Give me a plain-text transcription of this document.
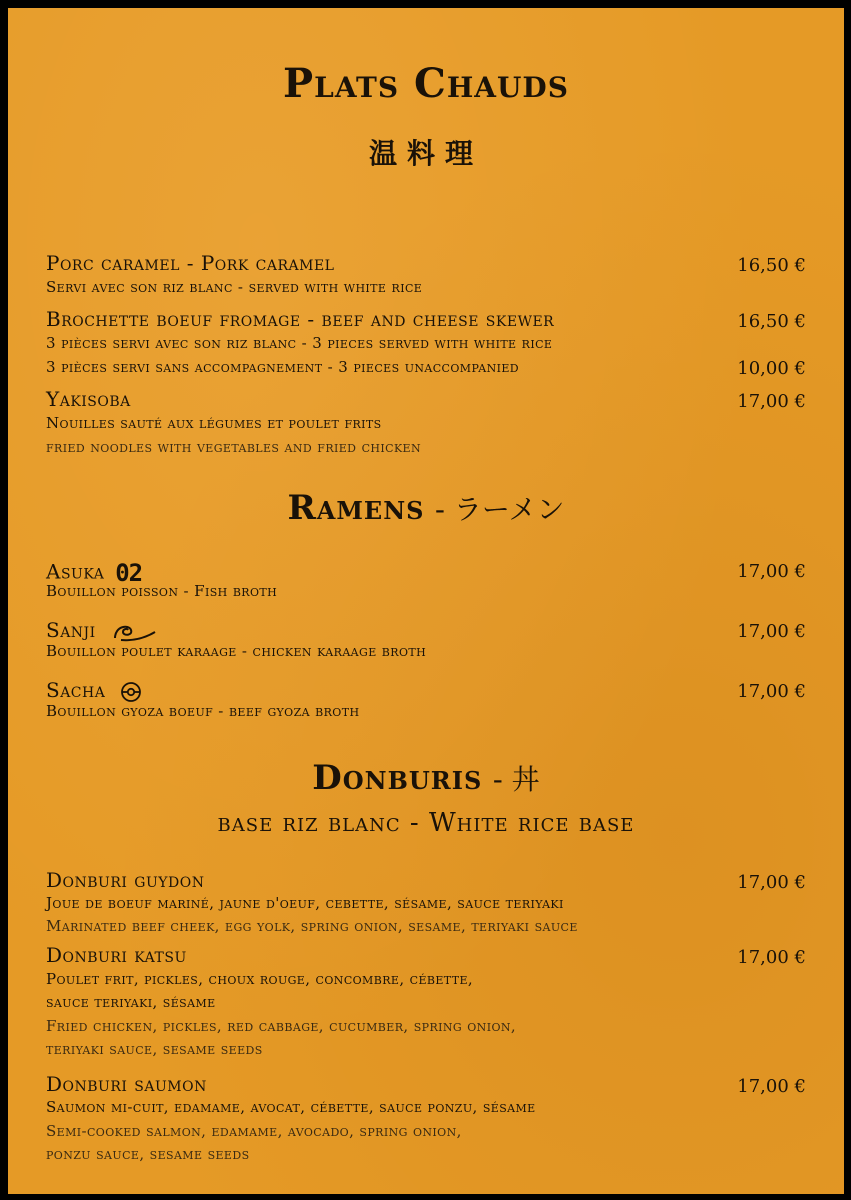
Plats Chauds
温料理
Porc caramel - Pork caramel	16,50 €
Servi avec son riz blanc - served with white rice
Brochette boeuf fromage - beef and cheese skewer	16,50 €
3 pièces servi avec son riz blanc - 3 pieces served with white rice
3 pièces servi sans accompagnement - 3 pieces unaccompanied	10,00 €
Yakisoba	17,00 €
Nouilles sauté aux légumes et poulet frits
fried noodles with vegetables and fried chicken
Ramens - ラーメン
Asuka 02	17,00 €
Bouillon poisson - Fish broth
Sanji	17,00 €
Bouillon poulet karaage - chicken karaage broth
Sacha	17,00 €
Bouillon gyoza boeuf - beef gyoza broth
Donburis - 丼
base riz blanc - White rice base
Donburi guydon	17,00 €
Joue de boeuf mariné, jaune d'oeuf, cebette, sésame, sauce teriyaki
Marinated beef cheek, egg yolk, spring onion, sesame, teriyaki sauce
Donburi katsu	17,00 €
Poulet frit, pickles, choux rouge, concombre, cébette,
sauce teriyaki, sésame
Fried chicken, pickles, red cabbage, cucumber, spring onion,
teriyaki sauce, sesame seeds
Donburi saumon	17,00 €
Saumon mi-cuit, edamame, avocat, cébette, sauce ponzu, sésame
Semi-cooked salmon, edamame, avocado, spring onion,
ponzu sauce, sesame seeds
